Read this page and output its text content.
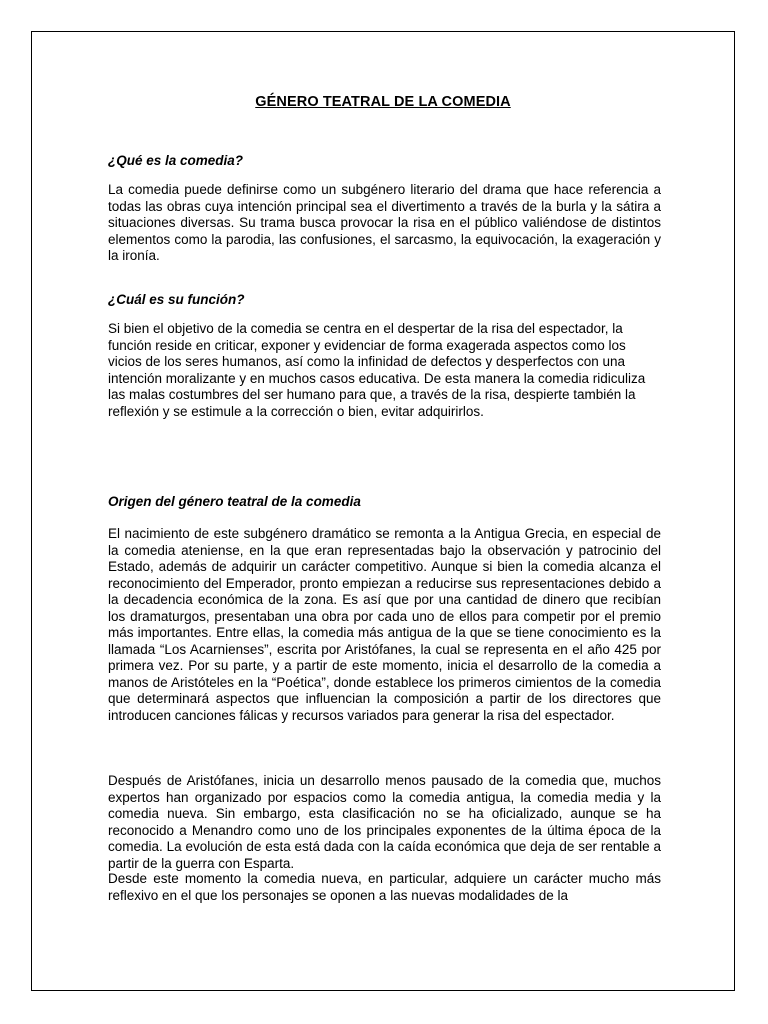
GÉNERO TEATRAL DE LA COMEDIA
¿Qué es la comedia?

La comedia puede definirse como un subgénero literario del drama que hace referencia a todas las obras cuya intención principal sea el divertimento a través de la burla y la sátira a situaciones diversas. Su trama busca provocar la risa en el público valiéndose de distintos elementos como la parodia, las confusiones, el sarcasmo, la equivocación, la exageración y la ironía.

¿Cuál es su función?

Si bien el objetivo de la comedia se centra en el despertar de la risa del espectador, la función reside en criticar, exponer y evidenciar de forma exagerada aspectos como los vicios de los seres humanos, así como la infinidad de defectos y desperfectos con una intención moralizante y en muchos casos educativa. De esta manera la comedia ridiculiza las malas costumbres del ser humano para que, a través de la risa, despierte también la reflexión y se estimule a la corrección o bien, evitar adquirirlos.

Origen del género teatral de la comedia

El nacimiento de este subgénero dramático se remonta a la Antigua Grecia, en especial de la comedia ateniense, en la que eran representadas bajo la observación y patrocinio del Estado, además de adquirir un carácter competitivo. Aunque si bien la comedia alcanza el reconocimiento del Emperador, pronto empiezan a reducirse sus representaciones debido a la decadencia económica de la zona. Es así que por una cantidad de dinero que recibían los dramaturgos, presentaban una obra por cada uno de ellos para competir por el premio más importantes. Entre ellas, la comedia más antigua de la que se tiene conocimiento es la llamada “Los Acarnienses”, escrita por Aristófanes, la cual se representa en el año 425 por primera vez. Por su parte, y a partir de este momento, inicia el desarrollo de la comedia a manos de Aristóteles en la “Poética”, donde establece los primeros cimientos de la comedia que determinará aspectos que influencian la composición a partir de los directores que introducen canciones fálicas y recursos variados para generar la risa del espectador.

Después de Aristófanes, inicia un desarrollo menos pausado de la comedia que, muchos expertos han organizado por espacios como la comedia antigua, la comedia media y la comedia nueva. Sin embargo, esta clasificación no se ha oficializado, aunque se ha reconocido a Menandro como uno de los principales exponentes de la última época de la comedia. La evolución de esta está dada con la caída económica que deja de ser rentable a partir de la guerra con Esparta.

Desde este momento la comedia nueva, en particular, adquiere un carácter mucho más reflexivo en el que los personajes se oponen a las nuevas modalidades de la
